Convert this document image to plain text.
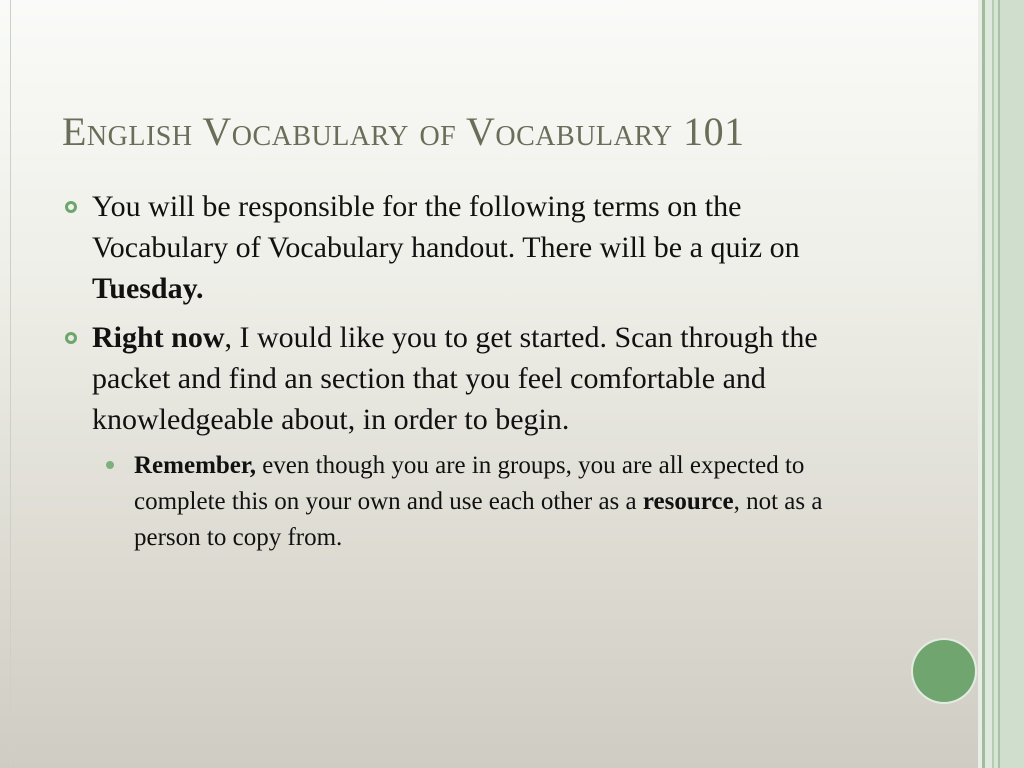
English Vocabulary of Vocabulary 101
You will be responsible for the following terms on the Vocabulary of Vocabulary handout. There will be a quiz on Tuesday.
Right now, I would like you to get started. Scan through the packet and find an section that you feel comfortable and knowledgeable about, in order to begin.
Remember, even though you are in groups, you are all expected to complete this on your own and use each other as a resource, not as a person to copy from.
